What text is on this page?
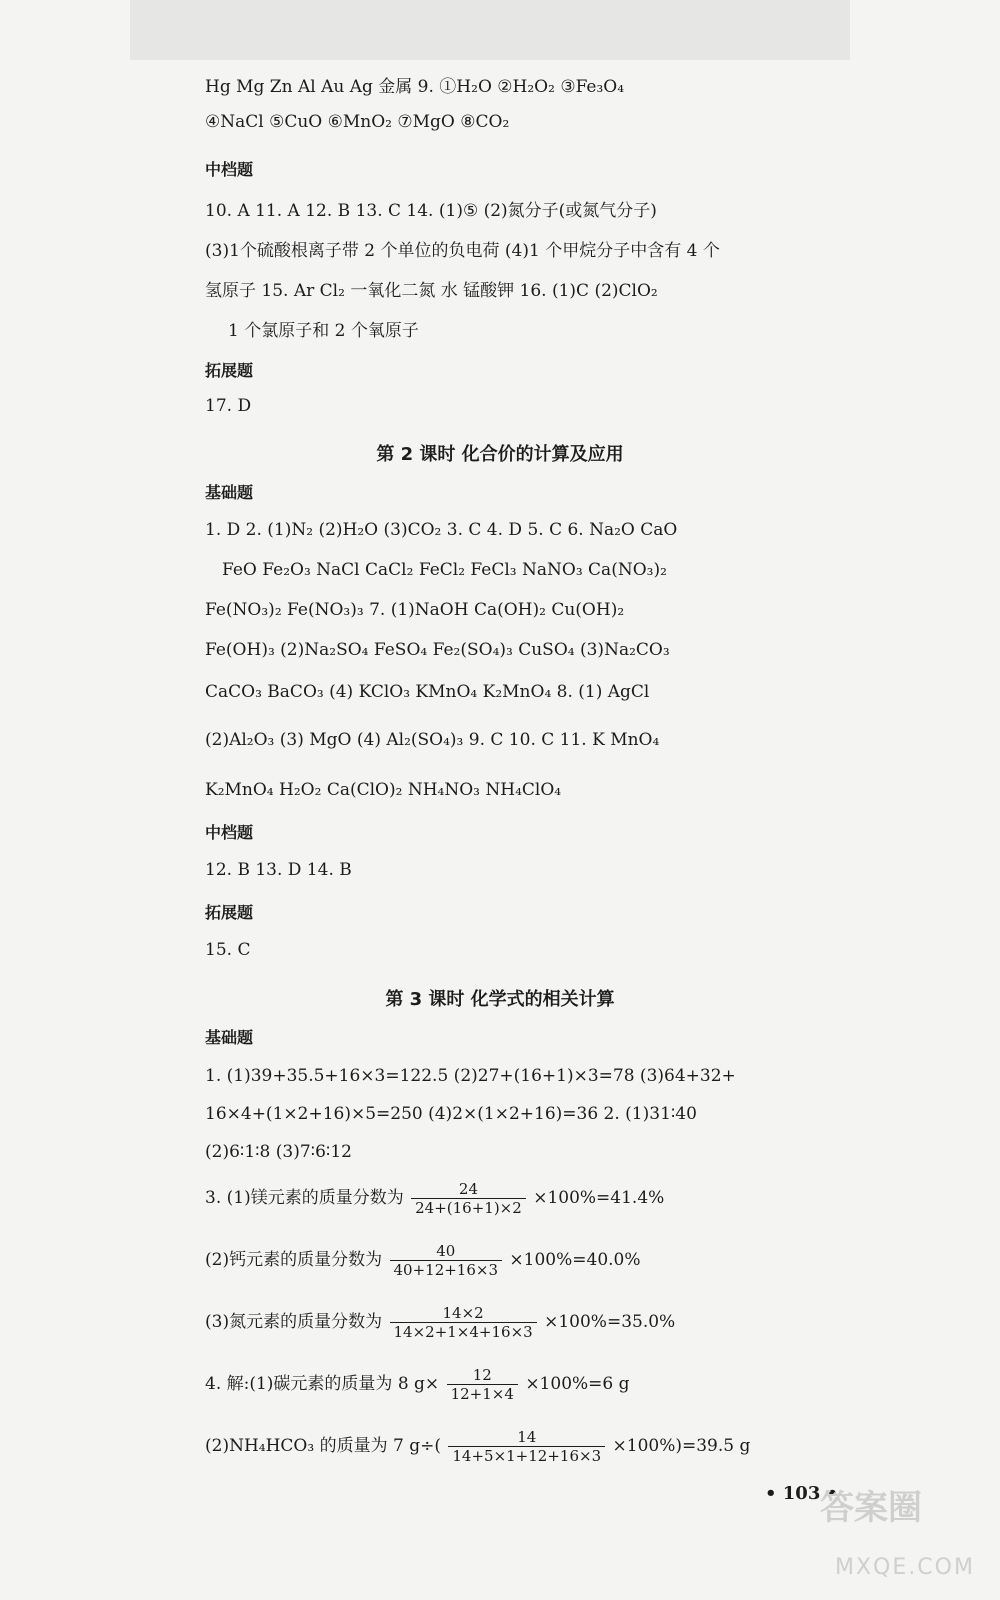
Hg Mg Zn Al Au Ag 金属 9. ①H₂O ②H₂O₂ ③Fe₃O₄
④NaCl ⑤CuO ⑥MnO₂ ⑦MgO ⑧CO₂
中档题
10. A 11. A 12. B 13. C 14. (1)⑤ (2)氮分子(或氮气分子)
(3)1个硫酸根离子带 2 个单位的负电荷 (4)1 个甲烷分子中含有 4 个
氢原子 15. Ar Cl₂ 一氧化二氮 水 锰酸钾 16. (1)C (2)ClO₂
1 个氯原子和 2 个氧原子
拓展题
17. D
第 2 课时 化合价的计算及应用
基础题
1. D 2. (1)N₂ (2)H₂O (3)CO₂ 3. C 4. D 5. C 6. Na₂O CaO
FeO Fe₂O₃ NaCl CaCl₂ FeCl₂ FeCl₃ NaNO₃ Ca(NO₃)₂
Fe(NO₃)₂ Fe(NO₃)₃ 7. (1)NaOH Ca(OH)₂ Cu(OH)₂
Fe(OH)₃ (2)Na₂SO₄ FeSO₄ Fe₂(SO₄)₃ CuSO₄ (3)Na₂CO₃
CaCO₃ BaCO₃ (4) KClO₃ KMnO₄ K₂MnO₄ 8. (1) AgCl
(2)Al₂O₃ (3) MgO (4) Al₂(SO₄)₃ 9. C 10. C 11. K MnO₄
K₂MnO₄ H₂O₂ Ca(ClO)₂ NH₄NO₃ NH₄ClO₄
中档题
12. B 13. D 14. B
拓展题
15. C
第 3 课时 化学式的相关计算
基础题
1. (1)39+35.5+16×3=122.5 (2)27+(16+1)×3=78 (3)64+32+
16×4+(1×2+16)×5=250 (4)2×(1×2+16)=36 2. (1)31∶40
(2)6∶1∶8 (3)7∶6∶12
3. (1)镁元素的质量分数为 $\frac{24}{24+(16+1)\times 2} \times 100\%=41.4\%$
(2)钙元素的质量分数为 $\frac{40}{40+12+16\times 3} \times 100\%=40.0\%$
(3)氮元素的质量分数为 $\frac{14\times 2}{14\times 2+1\times 4+16\times 3} \times 100\%=35.0\%$
4. 解:(1)碳元素的质量为 8 $g\times \frac{12}{12+1\times 4} \times 100\%=6$ g
(2)NH₄HCO₃ 的质量为 7 $g\div( \frac{14}{14+5\times 1+12+16\times 3} \times 100\%)=39.5$ g
• 103 •
答案圈
MXQE.COM
